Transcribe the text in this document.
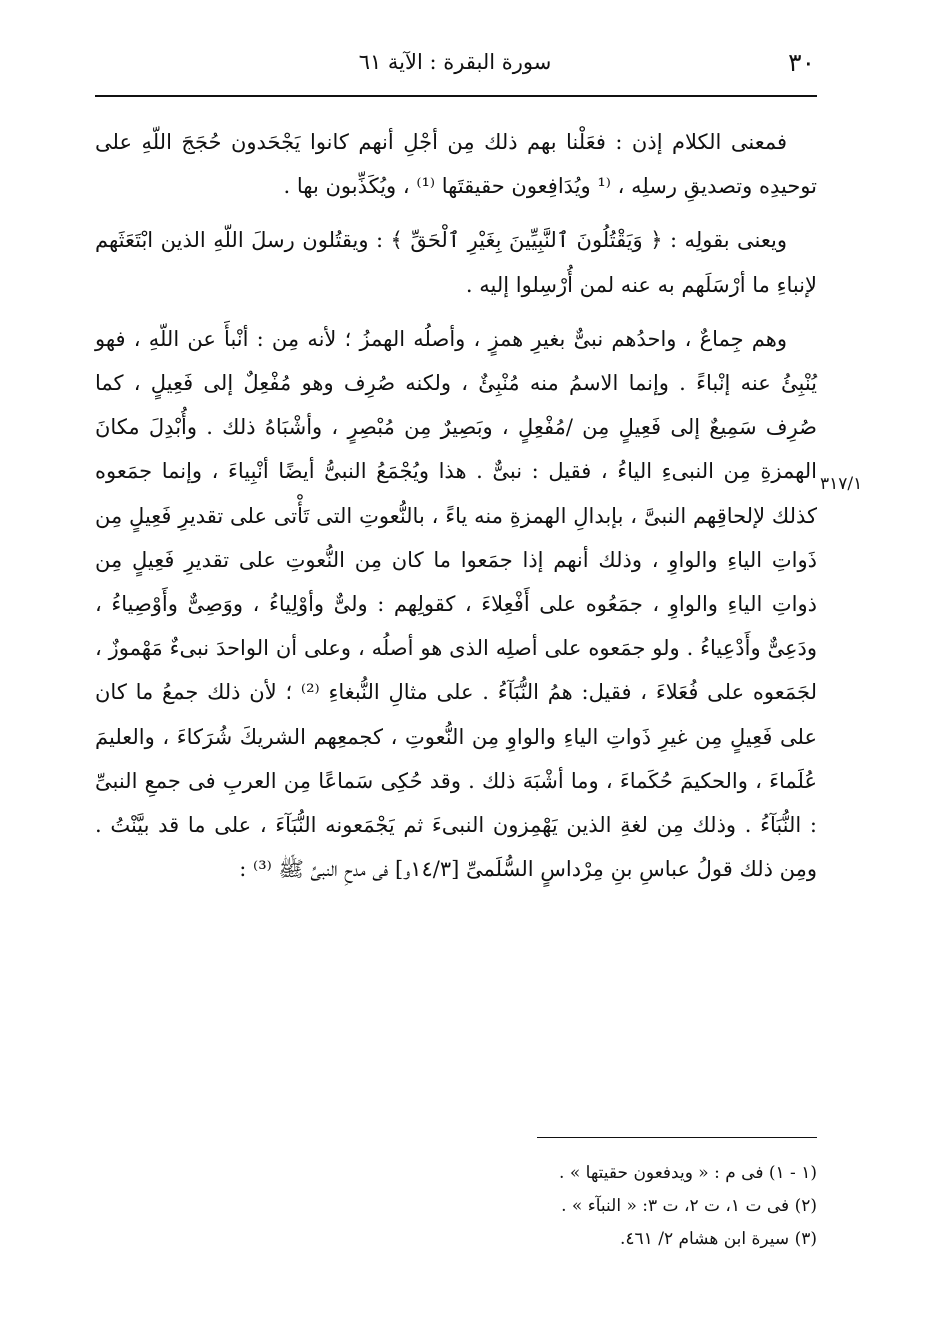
٣٠
سورة البقرة : الآية ٦١
٣١٧/١

فمعنى الكلام إذن : فعَلْنا بهم ذلك مِن أجْلِ أنهم كانوا يَجْحَدون حُجَجَ اللّهِ على توحيدِه وتصديقِ رسلِه ، ⁽¹ ويُدَافِعون حقيقتَها ⁽¹⁾ ، ويُكَذِّبون بها .

ويعنى بقولِه : ﴿ وَيَقْتُلُونَ ٱلنَّبِيِّينَ بِغَيْرِ ٱلْحَقِّ ﴾ : ويقتُلون رسلَ اللّهِ الذين ابْتَعَثَهم لإنباءِ ما أرْسَلَهم به عنه لمن أُرْسِلوا إليه .

وهم جِماعٌ ، واحدُهم نبىٌّ بغيرِ همزٍ ، وأصلُه الهمزُ ؛ لأنه مِن : أنْبأَ عن اللّهِ ، فهو يُنْبِئُ عنه إنْباءً . وإنما الاسمُ منه مُنْبِئٌ ، ولكنه صُرِف وهو مُفْعِلٌ إلى فَعِيلٍ ، كما صُرِف سَمِيعٌ إلى فَعِيلٍ مِن /مُفْعِلٍ ، وبَصِيرٌ مِن مُبْصِرٍ ، وأشْبَاهُ ذلك . وأُبْدِلَ مكانَ الهمزةِ مِن النبىءِ الياءُ ، فقيل : نبىٌّ . هذا ويُجْمَعُ النبىُّ أيضًا أنْبِياءَ ، وإنما جمَعوه كذلك لإلحاقِهم النبىَّ ، بإبدالِ الهمزةِ منه ياءً ، بالنُّعوتِ التى تَأْتى على تقديرِ فَعِيلٍ مِن ذَواتِ الياءِ والواوِ ، وذلك أنهم إذا جمَعوا ما كان مِن النُّعوتِ على تقديرِ فَعِيلٍ مِن ذواتِ الياءِ والواوِ ، جمَعُوه على أَفْعِلاءَ ، كقولِهم : ولىٌّ وأوْلِياءُ ، ووَصِىٌّ وأَوْصِياءُ ، ودَعِىٌّ وأَدْعِياءُ . ولو جمَعوه على أصلِه الذى هو أصلُه ، وعلى أن الواحدَ نبىءٌ مَهْموزٌ ، لجَمَعوه على فُعَلاءَ ، فقيل: همُ النُّبَآءُ . على مثالِ النُّبغاءِ ⁽²⁾ ؛ لأن ذلك جمعُ ما كان على فَعِيلٍ مِن غيرِ ذَواتِ الياءِ والواوِ مِن النُّعوتِ ، كجمعِهم الشريكَ شُرَكاءَ ، والعليمَ عُلَماءَ ، والحكيمَ حُكَماءَ ، وما أشْبَهَ ذلك . وقد حُكِى سَماعًا مِن العربِ فى جمعِ النبىِّ : النُّبَآءُ . وذلك مِن لغةِ الذين يَهْمِزون النبىءَ ثم يَجْمَعونه النُّبَآءَ ، على ما قد بيَّنْتُ . ومِن ذلك قولُ عباسِ بنِ مِرْداسٍ السُّلَمىِّ [١٤/٣و] فى مدحِ النبىِّ ﷺ ⁽³⁾ :

(١ - ١) فى م : « ويدفعون حقيتها » .
(٢) فى ت ١، ت ٢، ت ٣: « النبآء » .
(٣) سيرة ابن هشام ٢/ ٤٦١.
